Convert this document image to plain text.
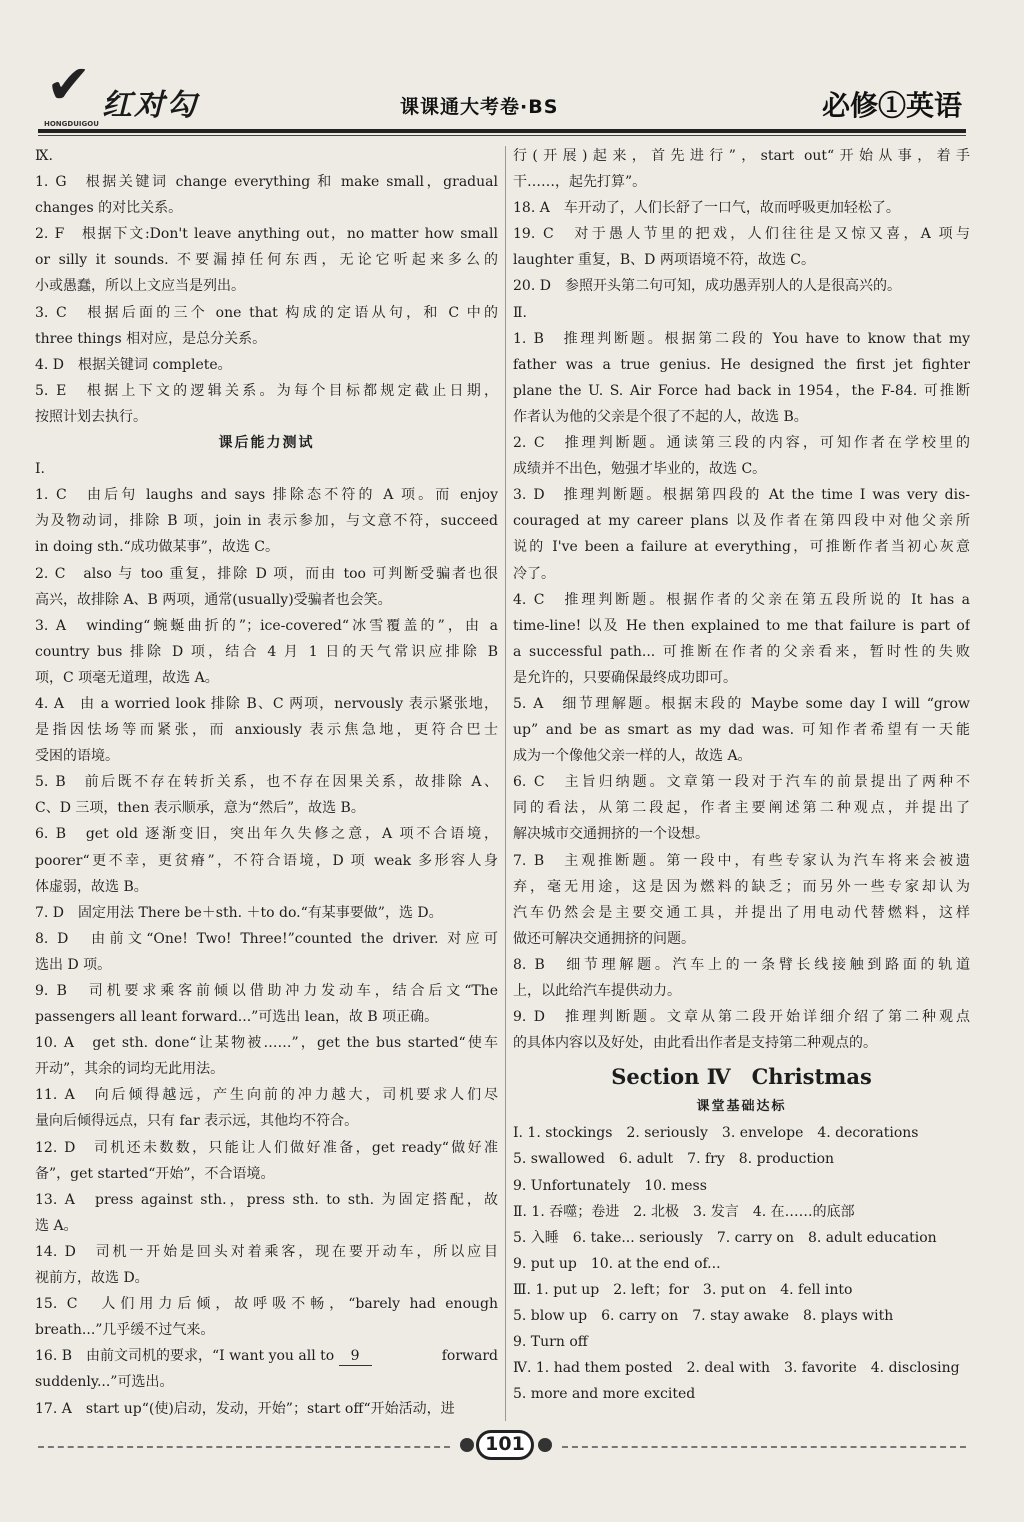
✔ 红对勾
HONGDUIGOU
课课通大考卷·BS	必修①英语
Ⅸ.
1. G　根据关键词 change everything 和 make small，gradual
changes 的对比关系。
2. F　根据下文:Don't leave anything out，no matter how small
or silly it sounds. 不要漏掉任何东西，无论它听起来多么的
小或愚蠢，所以上文应当是列出。
3. C　根据后面的三个 one that 构成的定语从句，和 C 中的
three things 相对应，是总分关系。
4. D　根据关键词 complete。
5. E　根据上下文的逻辑关系。为每个目标都规定截止日期，
按照计划去执行。
课后能力测试
Ⅰ.
1. C　由后句 laughs and says 排除态不符的 A 项。而 enjoy
为及物动词，排除 B 项，join in 表示参加，与文意不符，succeed
in doing sth.“成功做某事”，故选 C。
2. C　also 与 too 重复，排除 D 项，而由 too 可判断受骗者也很
高兴，故排除 A、B 两项，通常(usually)受骗者也会笑。
3. A　winding“蜿蜒曲折的”；ice-covered“冰雪覆盖的”，由 a
country bus 排除 D 项，结合 4 月 1 日的天气常识应排除 B
项，C 项毫无道理，故选 A。
4. A　由 a worried look 排除 B、C 两项，nervously 表示紧张地，
是指因怯场等而紧张，而 anxiously 表示焦急地，更符合巴士
受困的语境。
5. B　前后既不存在转折关系，也不存在因果关系，故排除 A、
C、D 三项，then 表示顺承，意为“然后”，故选 B。
6. B　get old 逐渐变旧，突出年久失修之意，A 项不合语境，
poorer“更不幸，更贫瘠”，不符合语境，D 项 weak 多形容人身
体虚弱，故选 B。
7. D　固定用法 There be＋sth. ＋to do.“有某事要做”，选 D。
8. D　由前文“One! Two! Three!”counted the driver. 对应可
选出 D 项。
9. B　司机要求乘客前倾以借助冲力发动车，结合后文“The
passengers all leant forward...”可选出 lean，故 B 项正确。
10. A　get sth. done“让某物被……”，get the bus started“使车
开动”，其余的词均无此用法。
11. A　向后倾得越远，产生向前的冲力越大，司机要求人们尽
量向后倾得远点，只有 far 表示远，其他均不符合。
12. D　司机还未数数，只能让人们做好准备，get ready“做好准
备”，get started“开始”，不合语境。
13. A　press against sth.，press sth. to sth. 为固定搭配，故
选 A。
14. D　司机一开始是回头对着乘客，现在要开动车，所以应目
视前方，故选 D。
15. C　人们用力后倾，故呼吸不畅，“barely had enough
breath...”几乎缓不过气来。
16. B　由前文司机的要求，“I want you all to 9	forward
suddenly...”可选出。
17. A　start up“(使)启动，发动，开始”；start off“开始活动，进
行(开展)起来，首先进行”，start out“开始从事，着手
干……，起先打算”。
18. A　车开动了，人们长舒了一口气，故而呼吸更加轻松了。
19. C　对于愚人节里的把戏，人们往往是又惊又喜，A 项与
laughter 重复，B、D 两项语境不符，故选 C。
20. D　参照开头第二句可知，成功愚弄别人的人是很高兴的。
Ⅱ.
1. B　推理判断题。根据第二段的 You have to know that my
father was a true genius. He designed the first jet fighter
plane the U. S. Air Force had back in 1954，the F-84. 可推断
作者认为他的父亲是个很了不起的人，故选 B。
2. C　推理判断题。通读第三段的内容，可知作者在学校里的
成绩并不出色，勉强才毕业的，故选 C。
3. D　推理判断题。根据第四段的 At the time I was very dis-
couraged at my career plans 以及作者在第四段中对他父亲所
说的 I've been a failure at everything，可推断作者当初心灰意
冷了。
4. C　推理判断题。根据作者的父亲在第五段所说的 It has a
time-line! 以及 He then explained to me that failure is part of
a successful path... 可推断在作者的父亲看来，暂时性的失败
是允许的，只要确保最终成功即可。
5. A　细节理解题。根据末段的 Maybe some day I will “grow
up” and be as smart as my dad was. 可知作者希望有一天能
成为一个像他父亲一样的人，故选 A。
6. C　主旨归纳题。文章第一段对于汽车的前景提出了两种不
同的看法，从第二段起，作者主要阐述第二种观点，并提出了
解决城市交通拥挤的一个设想。
7. B　主观推断题。第一段中，有些专家认为汽车将来会被遗
弃，毫无用途，这是因为燃料的缺乏；而另外一些专家却认为
汽车仍然会是主要交通工具，并提出了用电动代替燃料，这样
做还可解决交通拥挤的问题。
8. B　细节理解题。汽车上的一条臂长线接触到路面的轨道
上，以此给汽车提供动力。
9. D　推理判断题。文章从第二段开始详细介绍了第二种观点
的具体内容以及好处，由此看出作者是支持第二种观点的。
Section Ⅳ　Christmas
课堂基础达标
Ⅰ. 1. stockings　2. seriously　3. envelope　4. decorations
5. swallowed　6. adult　7. fry　8. production
9. Unfortunately　10. mess
Ⅱ. 1. 吞噬；卷进　2. 北极　3. 发言　4. 在……的底部
5. 入睡　6. take... seriously　7. carry on　8. adult education
9. put up　10. at the end of...
Ⅲ. 1. put up　2. left；for　3. put on　4. fell into
5. blow up　6. carry on　7. stay awake　8. plays with
9. Turn off
Ⅳ. 1. had them posted　2. deal with　3. favorite　4. disclosing
5. more and more excited
101
